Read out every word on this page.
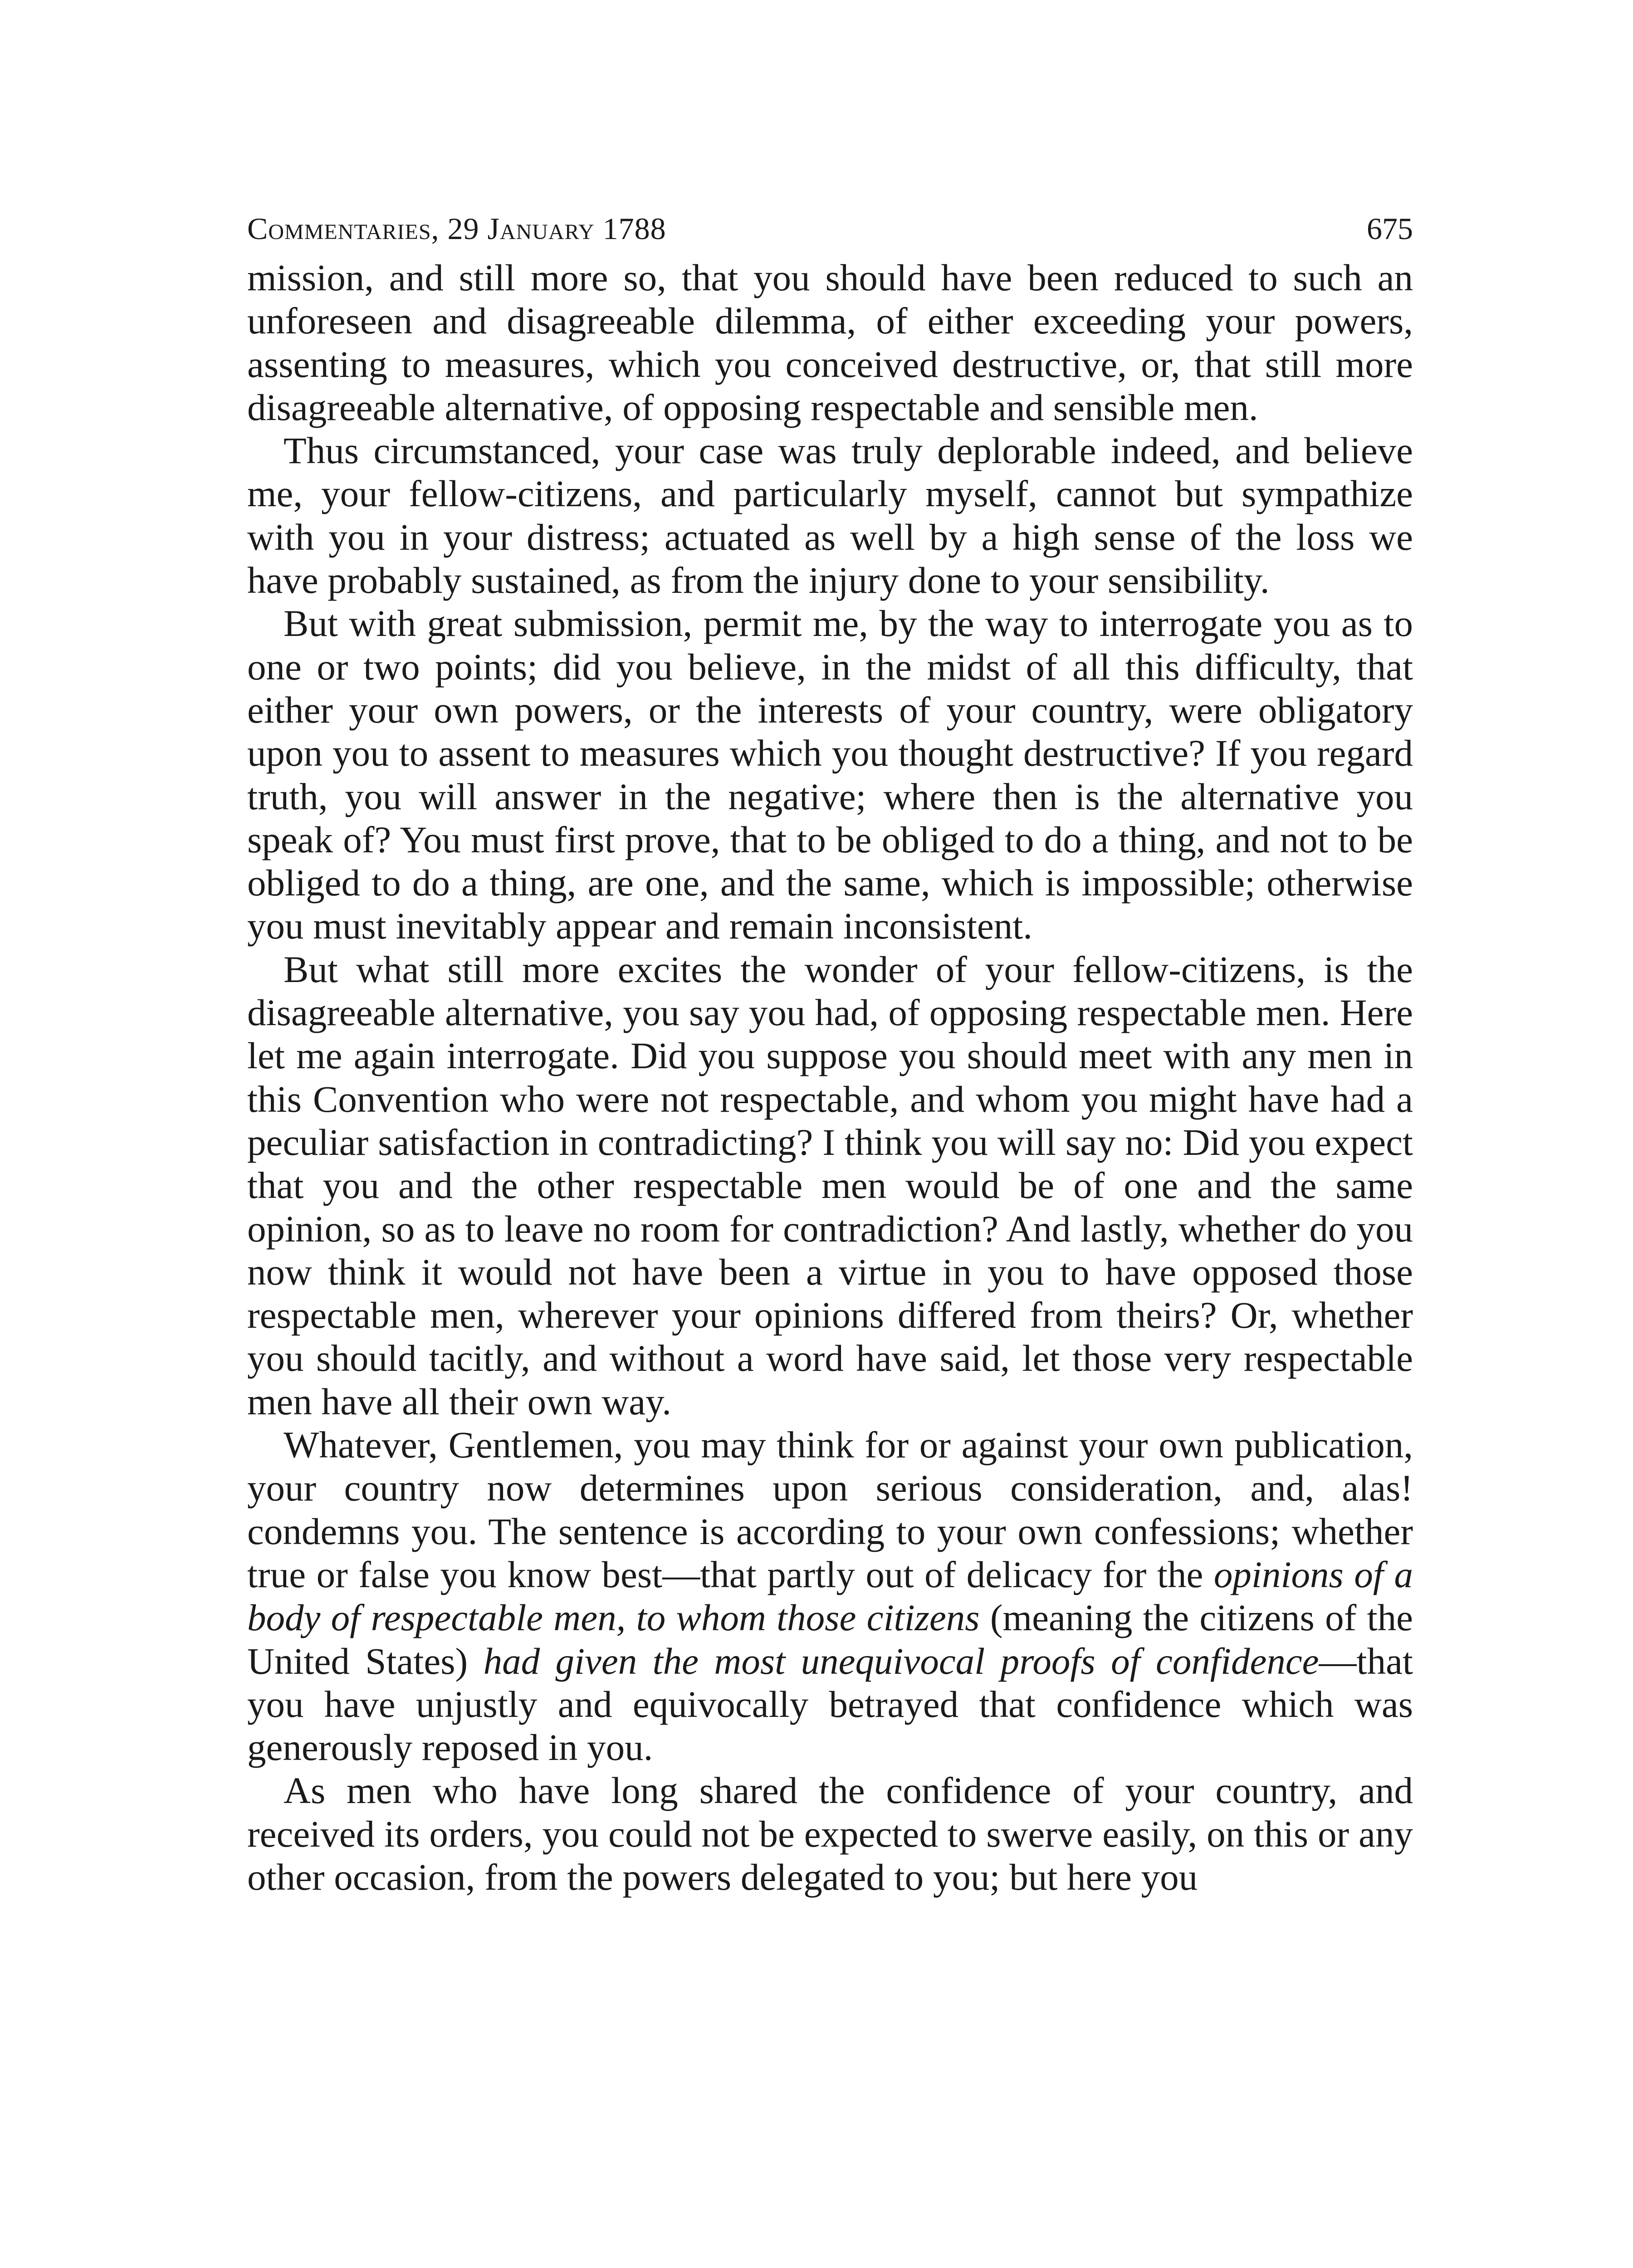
Commentaries, 29 January 1788	675

mission, and still more so, that you should have been reduced to such an unforeseen and disagreeable dilemma, of either exceeding your powers, assenting to measures, which you conceived destructive, or, that still more disagreeable alternative, of opposing respectable and sensible men.

Thus circumstanced, your case was truly deplorable indeed, and believe me, your fellow-citizens, and particularly myself, cannot but sympathize with you in your distress; actuated as well by a high sense of the loss we have probably sustained, as from the injury done to your sensibility.

But with great submission, permit me, by the way to interrogate you as to one or two points; did you believe, in the midst of all this difficulty, that either your own powers, or the interests of your country, were obligatory upon you to assent to measures which you thought destructive? If you regard truth, you will answer in the negative; where then is the alternative you speak of? You must first prove, that to be obliged to do a thing, and not to be obliged to do a thing, are one, and the same, which is impossible; otherwise you must inevitably appear and remain inconsistent.

But what still more excites the wonder of your fellow-citizens, is the disagreeable alternative, you say you had, of opposing respectable men. Here let me again interrogate. Did you suppose you should meet with any men in this Convention who were not respectable, and whom you might have had a peculiar satisfaction in contradicting? I think you will say no: Did you expect that you and the other respectable men would be of one and the same opinion, so as to leave no room for contradiction? And lastly, whether do you now think it would not have been a virtue in you to have opposed those respectable men, wherever your opinions differed from theirs? Or, whether you should tacitly, and without a word have said, let those very respectable men have all their own way.

Whatever, Gentlemen, you may think for or against your own publication, your country now determines upon serious consideration, and, alas! condemns you. The sentence is according to your own confessions; whether true or false you know best—that partly out of delicacy for the opinions of a body of respectable men, to whom those citizens (meaning the citizens of the United States) had given the most unequivocal proofs of confidence—that you have unjustly and equivocally betrayed that confidence which was generously reposed in you.

As men who have long shared the confidence of your country, and received its orders, you could not be expected to swerve easily, on this or any other occasion, from the powers delegated to you; but here you
